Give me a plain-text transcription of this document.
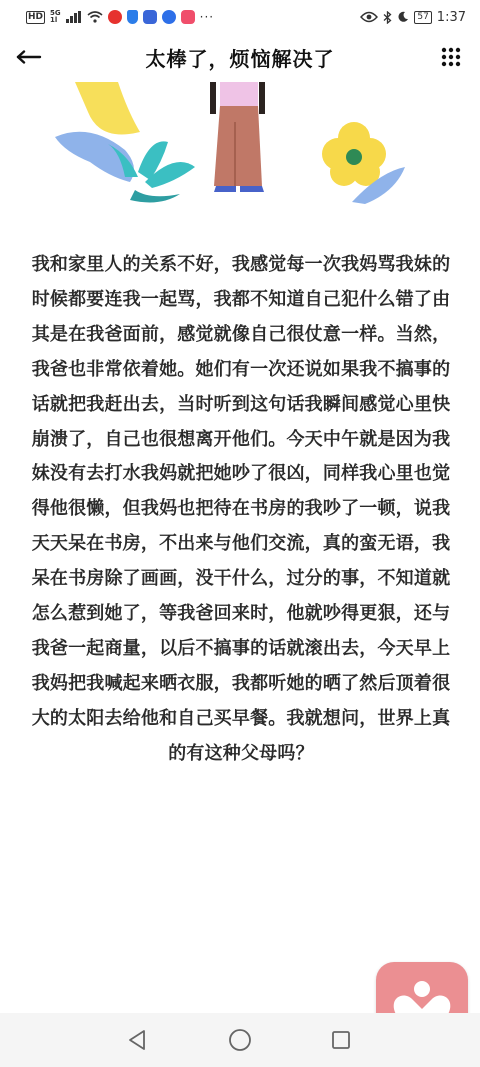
HD 5G
1l	···	57 1:37
太棒了，烦恼解决了
我和家里人的关系不好，我感觉每一次我妈骂我妹的时候都要连我一起骂，我都不知道自己犯什么错了由其是在我爸面前，感觉就像自己很仗意一样。当然，我爸也非常依着她。她们有一次还说如果我不搞事的话就把我赶出去，当时听到这句话我瞬间感觉心里快崩溃了，自己也很想离开他们。今天中午就是因为我妹没有去打水我妈就把她吵了很凶，同样我心里也觉得他很懒，但我妈也把待在书房的我吵了一顿，说我天天呆在书房，不出来与他们交流，真的蛮无语，我呆在书房除了画画，没干什么，过分的事，不知道就怎么惹到她了，等我爸回来时，他就吵得更狠，还与我爸一起商量，以后不搞事的话就滚出去，今天早上我妈把我喊起来晒衣服，我都听她的晒了然后顶着很大的太阳去给他和自己买早餐。我就想问，世界上真的有这种父母吗？
